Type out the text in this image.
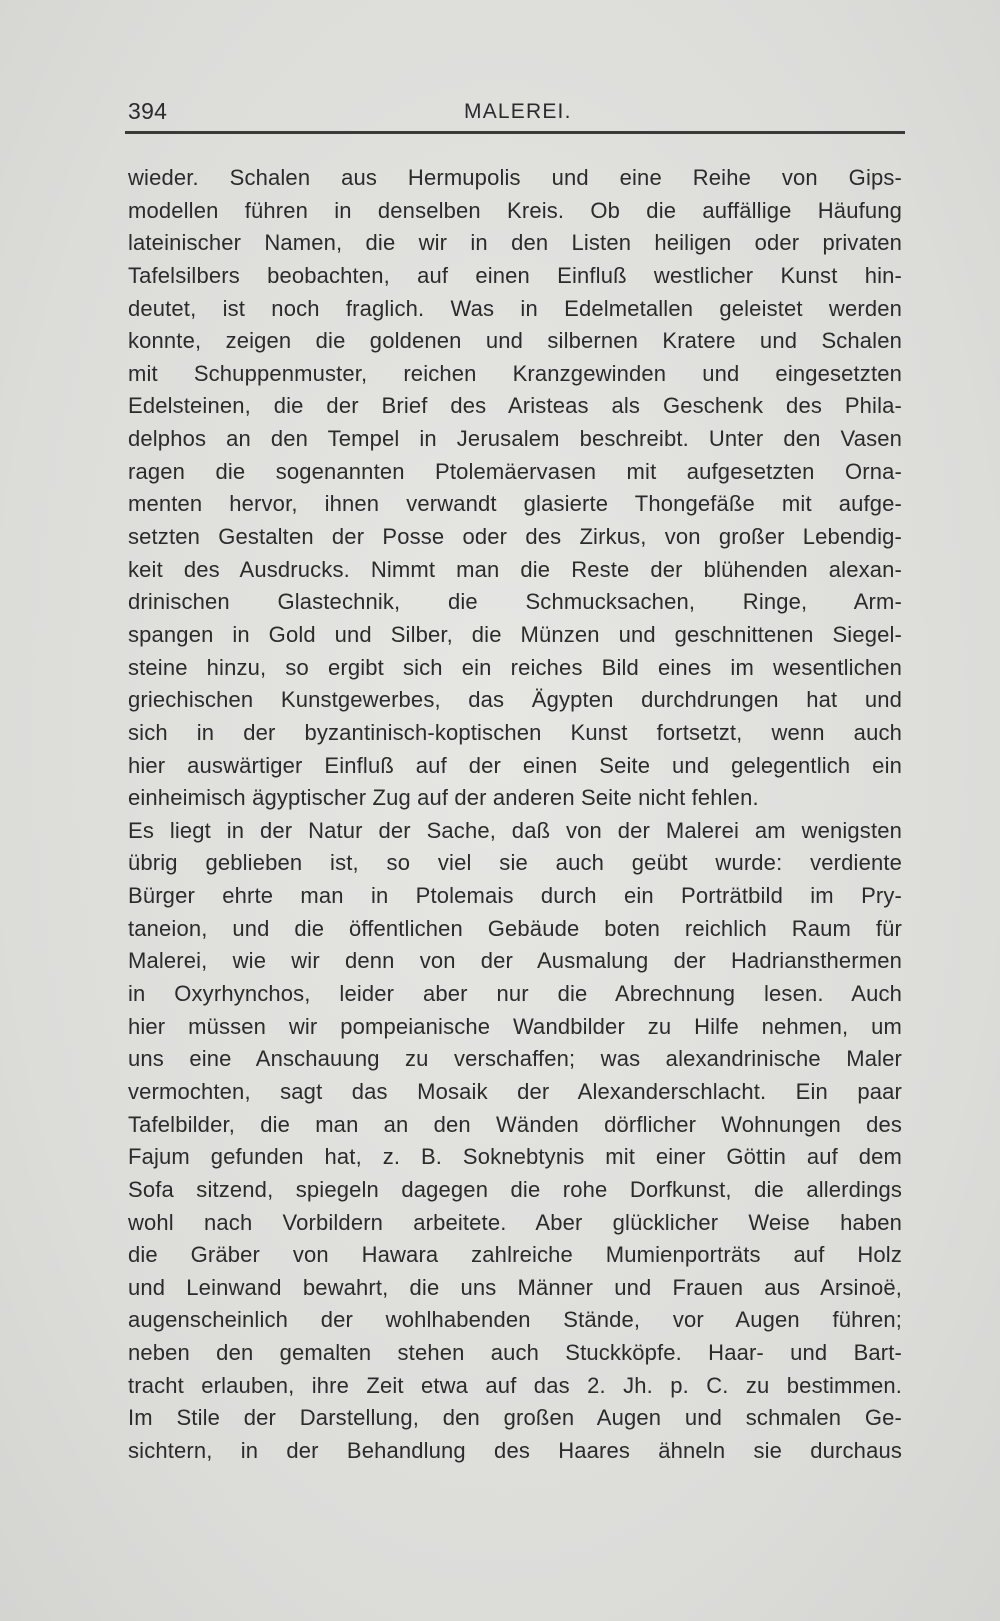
394	MALEREI.
wieder. Schalen aus Hermupolis und eine Reihe von Gips-
modellen führen in denselben Kreis. Ob die auffällige Häufung
lateinischer Namen, die wir in den Listen heiligen oder privaten
Tafelsilbers beobachten, auf einen Einfluß westlicher Kunst hin-
deutet, ist noch fraglich. Was in Edelmetallen geleistet werden
konnte, zeigen die goldenen und silbernen Kratere und Schalen
mit Schuppenmuster, reichen Kranzgewinden und eingesetzten
Edelsteinen, die der Brief des Aristeas als Geschenk des Phila-
delphos an den Tempel in Jerusalem beschreibt. Unter den Vasen
ragen die sogenannten Ptolemäervasen mit aufgesetzten Orna-
menten hervor, ihnen verwandt glasierte Thongefäße mit aufge-
setzten Gestalten der Posse oder des Zirkus, von großer Lebendig-
keit des Ausdrucks. Nimmt man die Reste der blühenden alexan-
drinischen Glastechnik, die Schmucksachen, Ringe, Arm-
spangen in Gold und Silber, die Münzen und geschnittenen Siegel-
steine hinzu, so ergibt sich ein reiches Bild eines im wesentlichen
griechischen Kunstgewerbes, das Ägypten durchdrungen hat und
sich in der byzantinisch-koptischen Kunst fortsetzt, wenn auch
hier auswärtiger Einfluß auf der einen Seite und gelegentlich ein
einheimisch ägyptischer Zug auf der anderen Seite nicht fehlen.
Es liegt in der Natur der Sache, daß von der Malerei am wenigsten
übrig geblieben ist, so viel sie auch geübt wurde: verdiente
Bürger ehrte man in Ptolemais durch ein Porträtbild im Pry-
taneion, und die öffentlichen Gebäude boten reichlich Raum für
Malerei, wie wir denn von der Ausmalung der Hadriansthermen
in Oxyrhynchos, leider aber nur die Abrechnung lesen. Auch
hier müssen wir pompeianische Wandbilder zu Hilfe nehmen, um
uns eine Anschauung zu verschaffen; was alexandrinische Maler
vermochten, sagt das Mosaik der Alexanderschlacht. Ein paar
Tafelbilder, die man an den Wänden dörflicher Wohnungen des
Fajum gefunden hat, z. B. Soknebtynis mit einer Göttin auf dem
Sofa sitzend, spiegeln dagegen die rohe Dorfkunst, die allerdings
wohl nach Vorbildern arbeitete. Aber glücklicher Weise haben
die Gräber von Hawara zahlreiche Mumienporträts auf Holz
und Leinwand bewahrt, die uns Männer und Frauen aus Arsinoë,
augenscheinlich der wohlhabenden Stände, vor Augen führen;
neben den gemalten stehen auch Stuckköpfe. Haar- und Bart-
tracht erlauben, ihre Zeit etwa auf das 2. Jh. p. C. zu bestimmen.
Im Stile der Darstellung, den großen Augen und schmalen Ge-
sichtern, in der Behandlung des Haares ähneln sie durchaus
